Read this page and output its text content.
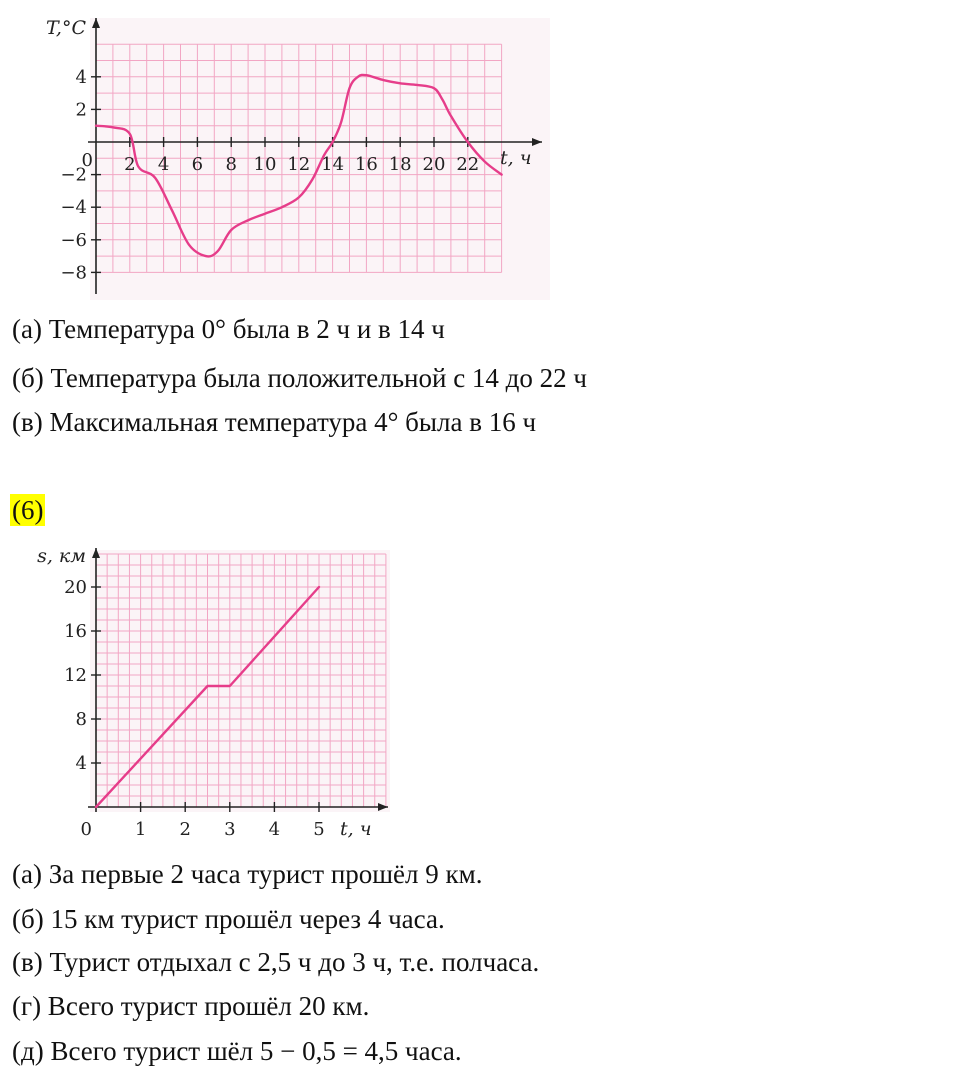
2 4 6 8 10 12 14 16 18 20 22
4
2
−2
−4
−6
−8
0
T,°C
t, ч
(а) Температура 0° была в 2 ч и в 14 ч
(б) Температура была положительной с 14 до 22 ч
(в) Максимальная температура 4° была в 16 ч
(6)
1 2 3 4 5
4
8
12
16
20
0
s, км
t, ч
(а) За первые 2 часа турист прошёл 9 км.
(б) 15 км турист прошёл через 4 часа.
(в) Турист отдыхал с 2,5 ч до 3 ч, т.е. полчаса.
(г) Всего турист прошёл 20 км.
(д) Всего турист шёл 5 − 0,5 = 4,5 часа.
